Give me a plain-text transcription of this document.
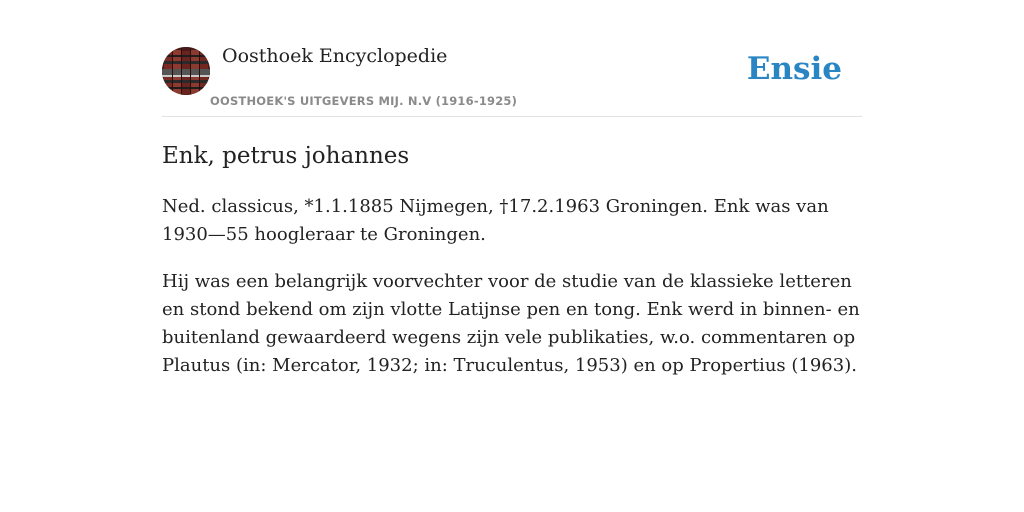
Oosthoek Encyclopedie
OOSTHOEK'S UITGEVERS MIJ. N.V (1916-1925)
Ensie
Enk, petrus johannes

Ned. classicus, *1.1.1885 Nijmegen, †17.2.1963 Groningen. Enk was van 1930—55 hoogleraar te Groningen.

Hij was een belangrijk voorvechter voor de studie van de klassieke letteren en stond bekend om zijn vlotte Latijnse pen en tong. Enk werd in binnen- en buitenland gewaardeerd wegens zijn vele publikaties, w.o. commentaren op Plautus (in: Mercator, 1932; in: Truculentus, 1953) en op Propertius (1963).
